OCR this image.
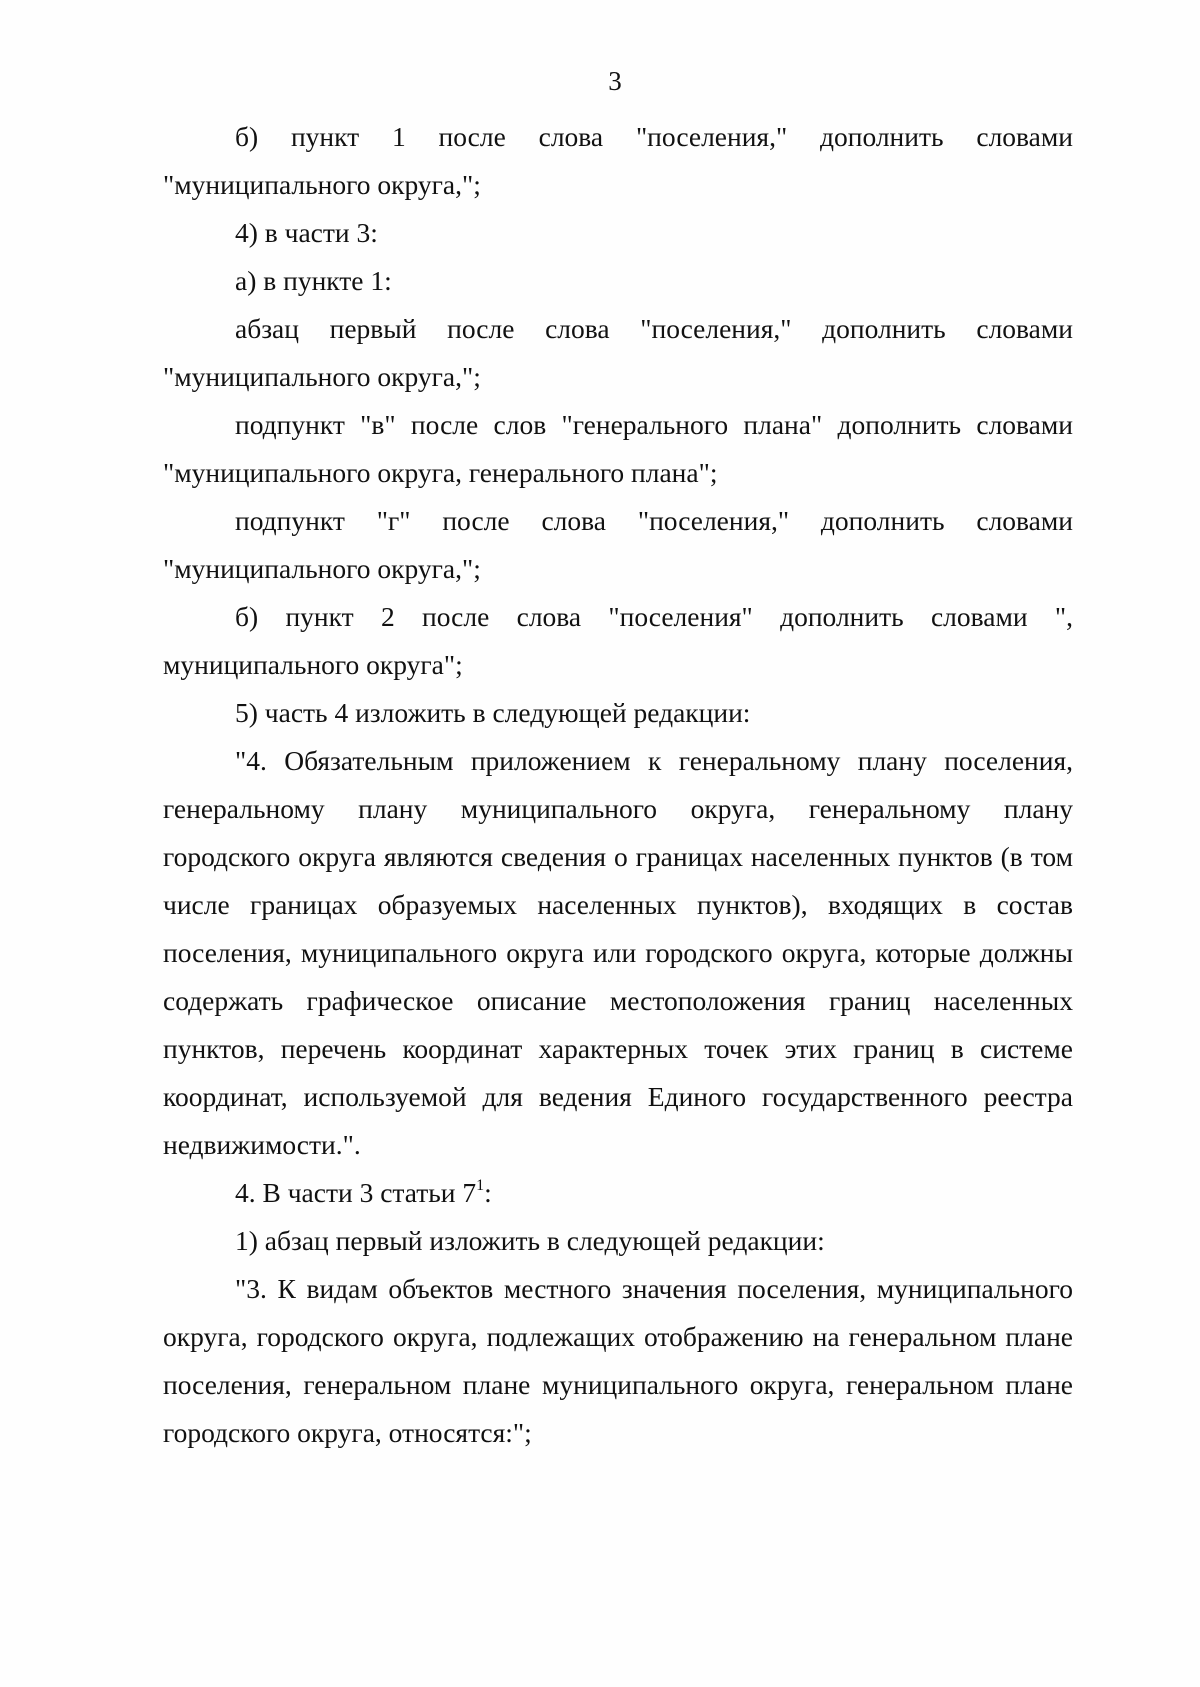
3

б) пункт 1 после слова "поселения," дополнить словами "муниципального округа,";

4) в части 3:

а) в пункте 1:

абзац первый после слова "поселения," дополнить словами "муниципального округа,";

подпункт "в" после слов "генерального плана" дополнить словами "муниципального округа, генерального плана";

подпункт "г" после слова "поселения," дополнить словами "муниципального округа,";

б) пункт 2 после слова "поселения" дополнить словами ", муниципального округа";

5) часть 4 изложить в следующей редакции:

"4. Обязательным приложением к генеральному плану поселения, генеральному плану муниципального округа, генеральному плану городского округа являются сведения о границах населенных пунктов (в том числе границах образуемых населенных пунктов), входящих в состав поселения, муниципального округа или городского округа, которые должны содержать графическое описание местоположения границ населенных пунктов, перечень координат характерных точек этих границ в системе координат, используемой для ведения Единого государственного реестра недвижимости.".

4. В части 3 статьи $7^1$:

1) абзац первый изложить в следующей редакции:

"3. К видам объектов местного значения поселения, муниципального округа, городского округа, подлежащих отображению на генеральном плане поселения, генеральном плане муниципального округа, генеральном плане городского округа, относятся:";
